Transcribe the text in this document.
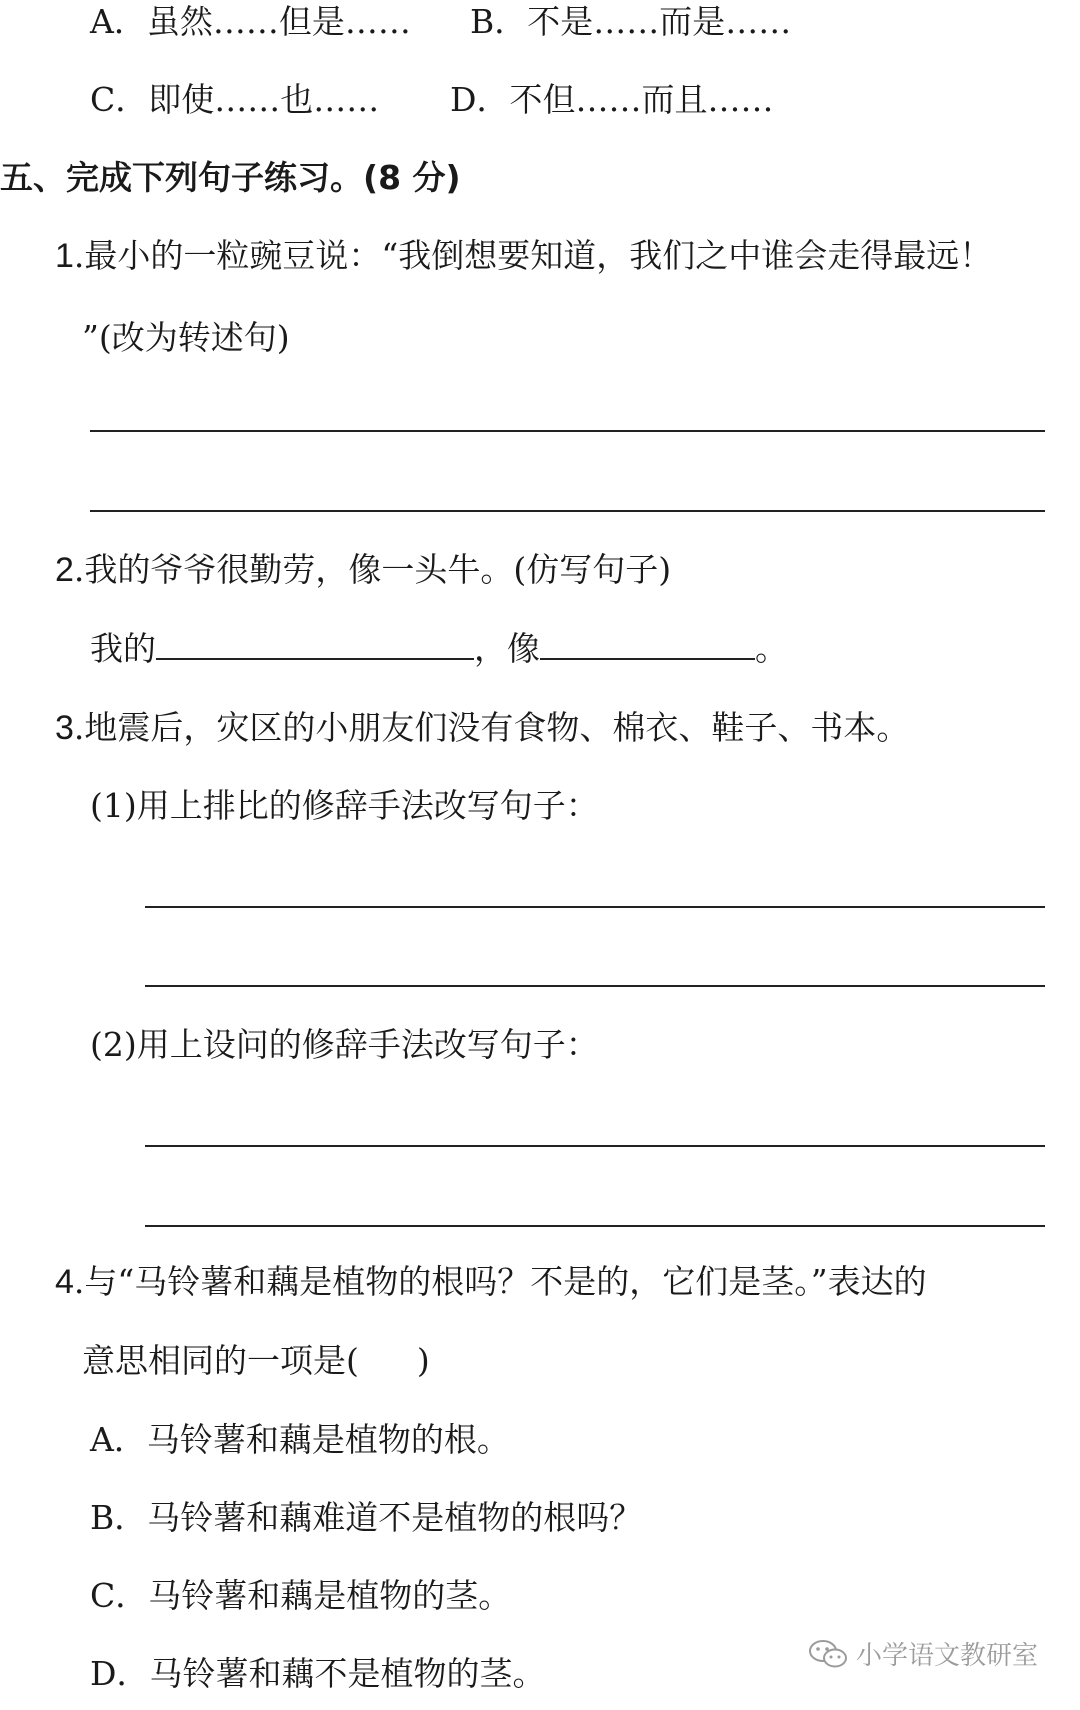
A．虽然……但是…… B．不是……而是……
C．即使……也…… D．不但……而且……
五、完成下列句子练习。(8 分)
1.最小的一粒豌豆说：“我倒想要知道，我们之中谁会走得最远！
”(改为转述句)
2.我的爷爷很勤劳，像一头牛。(仿写句子)
我的	，像	。
3.地震后，灾区的小朋友们没有食物、棉衣、鞋子、书本。
(1)用上排比的修辞手法改写句子：
(2)用上设问的修辞手法改写句子：
4.与“马铃薯和藕是植物的根吗？不是的，它们是茎。”表达的
意思相同的一项是( )
A．马铃薯和藕是植物的根。
B．马铃薯和藕难道不是植物的根吗？
C．马铃薯和藕是植物的茎。
D．马铃薯和藕不是植物的茎。	小学语文教研室
